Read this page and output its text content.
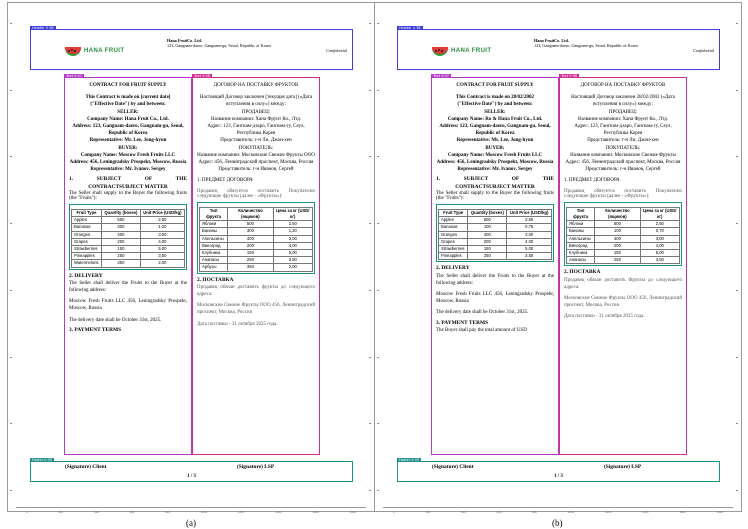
Header 0.98
HANA FRUIT
Hana FruitCo. Ltd.
123, Gangnam-daero, Gangnam-gu, Seoul, Republic of Korea
Confidential
Text 0.97
CONTRACT FOR FRUIT SUPPLY
This Contract is made on [current date]
("Effective Date") by and between:
SELLER:
Company Name: Hana Fruit Co., Ltd.
Address: 123, Gangnam-daero, Gangnam-gu, Seoul, Republic of Korea
Representative: Mr. Lee, Jong-hyun
BUYER:
Company Name: Moscow Fresh Fruits LLC
Address: 456, Leningradsky Prospekt, Moscow, Russia
Representative: Mr. Ivanov, Sergey
1. SUBJECT OF THE
CONTRACTSUBJECT MATTER
The Seller shall supply to the Buyer the following fruits (the "Fruits"):
Fruit Type	Quantity (boxes)	Unit Price (USD/kg)
Apples	500	2.50
Bananas	300	1.20
Oranges	400	3.00
Grapes	200	4.00
Strawberries	150	5.00
Pineapples	250	3.50
Watermelons	350	2.00
2. DELIVERY
The Seller shall deliver the Fruits to the Buyer at the following address:
Moscow Fresh Fruits LLC 456, Leningradsky Prospekt, Moscow, Russia
The delivery date shall be October 31st, 2025.
3. PAYMENT TERMS
Text 0.96
ДОГОВОР НА ПОСТАВКУ ФРУКТОВ
Настоящий Договор заключен [текущая дата] («Дата вступления в силу») между:
ПРОДАВЕЦ:
Название компании: Хана Фруит Ко., Лтд.
Адрес: 123, Гангнам-дэаро, Гангнам-гу, Сеул, Республика Корея
Представитель: г-н Ли, Джон-хен
ПОКУПАТЕЛЬ:
Название компании: Московские Свежие Фрукты ООО
Адрес: 456, Ленинградский проспект, Москва, Россия
Представитель: г-н Иванов, Сергей
1. ПРЕДМЕТ ДОГОВОРА
Продавец обязуется поставить Покупателю следующие фрукты (далее - «Фрукты»):
Тип фрукта	Количество (ящиков)	Цена за кг (USD/ кг)
Яблоки	500	2,50
Бананы	300	1,20
Апельсины	400	3,00
Виноград	200	4,00
Клубника	150	5,00
Ананасы	250	3,50
Арбузы	350	2,00
2. ПОСТАВКА
Продавец обязан доставить фрукты до следующего адреса:
Московские Свежие Фрукты ООО 456, Ленинградский проспект, Москва, Россия
Дата поставки - 31 октября 2025 года.
Footer 0.95
(Signature) Client	(Signature) LSP
1 / 3
0	200	400	600	800	1000	1200	1400	1600	1800
Header 0.98
HANA FRUIT
Hana FruitCo. Ltd.
123, Gangnam-daero, Gangnam-gu, Seoul, Republic of Korea
Confidential
Text 0.97
CONTRACT FOR FRUIT SUPPLY
This Contract is made on 28/02/2002
("Effective Date") by and between:
SELLER:
Company Name: Ro & Hana Fruit Co., Ltd.
Address: 123, Gangnam-daero, Gangnam-gu, Seoul, Republic of Korea
Representative: Mr. Lee, Jong-hyun
BUYER:
Company Name: Moscow Fresh Fruits LLC
Address: 456, Leningradsky Prospekt, Moscow, Russia
Representative: Mr. Ivanov, Sergey
1. SUBJECT OF THE
CONTRACTSUBJECT MATTER
The Seller shall supply to the Buyer the following fruits (the "Fruits"):
Fruit Type	Quantity (boxes)	Unit Price (USD/kg)
Apples	500	2.50
Bananas	100	0.70
Oranges	400	3.00
Grapes	200	4.00
Strawberries	150	5.00
Pineapples	250	3.50
2. DELIVERY
The Seller shall deliver the Fruits to the Buyer at the following address:
Moscow Fresh Fruits LLC 456, Leningradsky Prospekt, Moscow, Russia
The delivery date shall be October 31st, 2025.
3. PAYMENT TERMS
The Buyer shall pay the total amount of USD
Text 0.96
ДОГОВОР НА ПОСТАВКУ ФРУКТОВ
Настоящий Договор заключен 28/02/2002 («Дата вступления в силу») между:
ПРОДАВЕЦ:
Название компании: Хана Фруит Ко., Лтд.
Адрес: 123, Гангнам-дэаро, Гангнам-гу, Сеул, Республика Корея
Представитель: г-н Ли, Джон-хен
ПОКУПАТЕЛЬ:
Название компании: Московские Свежие Фрукты
Адрес: 456, Ленинградский проспект, Москва, Россия
Представитель: г-н Иванов, Сергей
1. ПРЕДМЕТ ДОГОВОРА
Продавец обязуется поставить Покупателю следующие фрукты (далее - «Фрукты»):
Тип фрукта	Количество (ящиков)	Цена за кг (USD/ кг)
Яблоки	500	2,50
Бананы	100	0,70
Апельсины	400	3,00
Виноград	200	4,00
Клубника	150	5,00
Ананасы	250	3,50
2. ПОСТАВКА
Продавец обязан доставить Фрукты до следующего адреса:
Московские Свежие Фрукты ООО 456, Ленинградский проспект, Москва, Россия
Дата поставки - 31 октября 2025 года.
Footer 0.95
(Signature) Client	(Signature) LSP
1 / 3
0	200	400	600	800	1000	1200	1400	1600	1800
(a)	(b)
